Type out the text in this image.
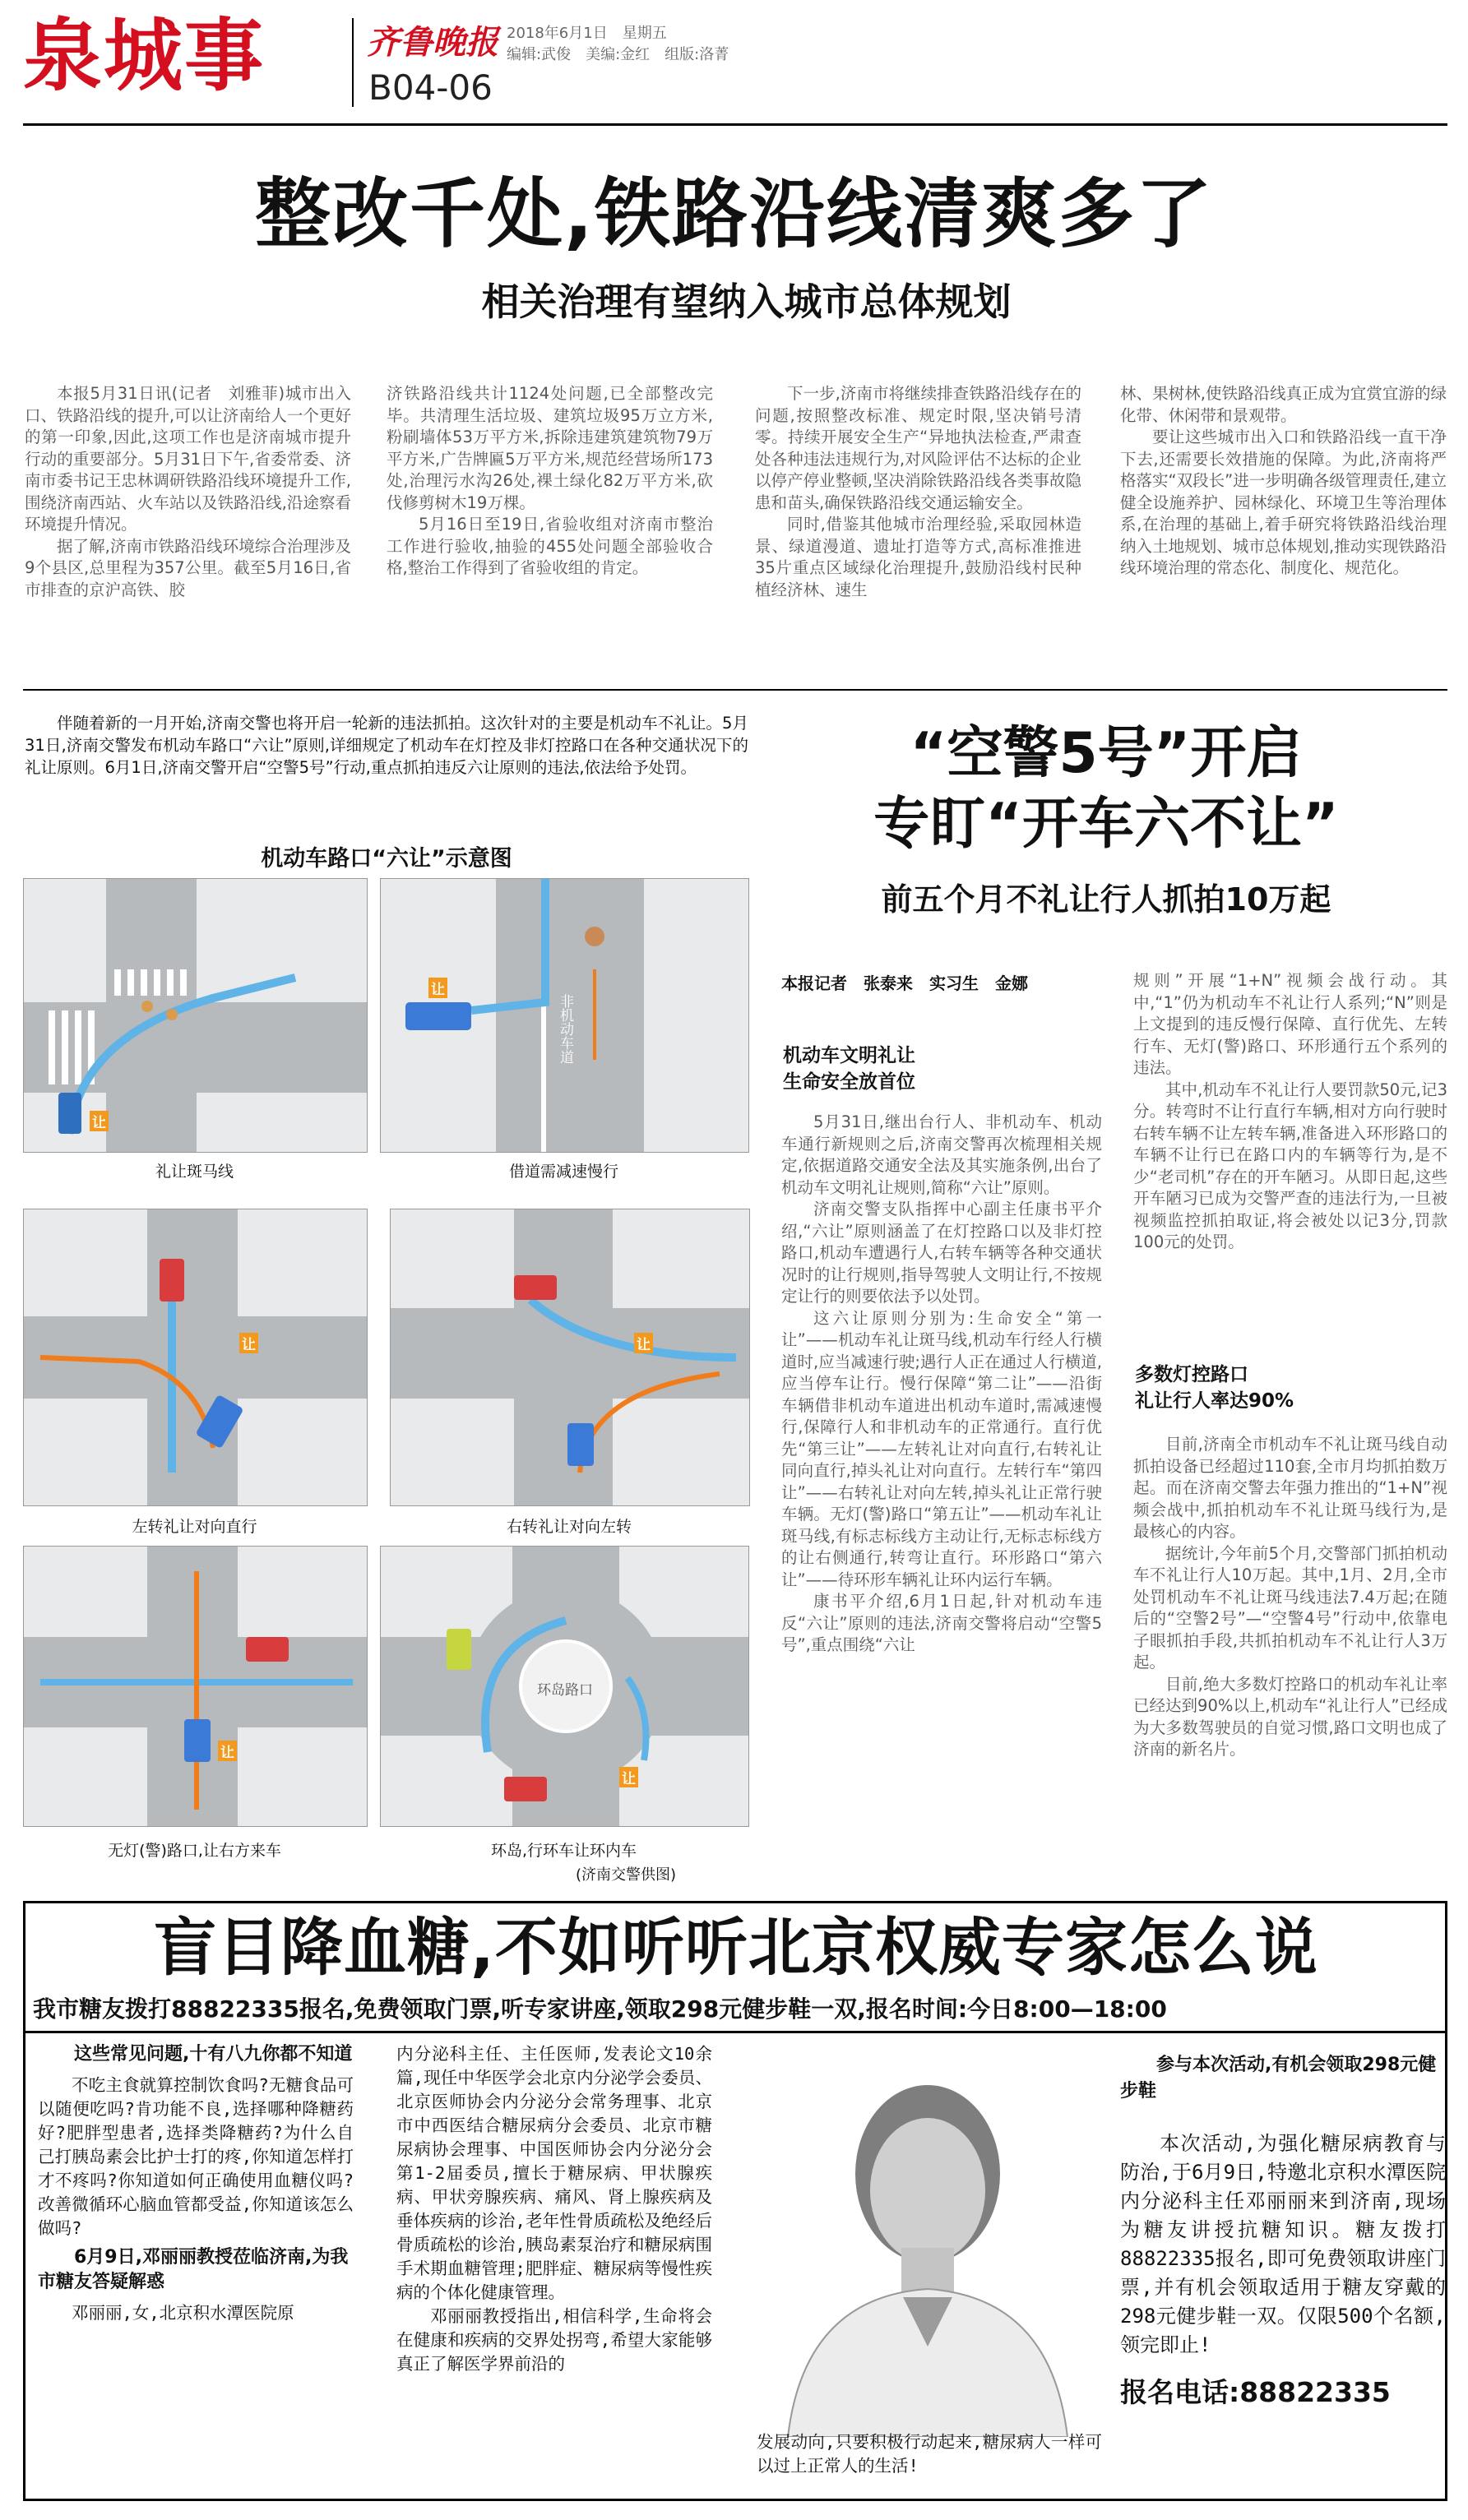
泉城事	齐鲁晚报 2018年6月1日　星期五
编辑:武俊　美编:金红　组版:洛菁
B04-06
整改千处,铁路沿线清爽多了
相关治理有望纳入城市总体规划

本报5月31日讯(记者　刘雅菲)城市出入口、铁路沿线的提升,可以让济南给人一个更好的第一印象,因此,这项工作也是济南城市提升行动的重要部分。5月31日下午,省委常委、济南市委书记王忠林调研铁路沿线环境提升工作,围绕济南西站、火车站以及铁路沿线,沿途察看环境提升情况。

据了解,济南市铁路沿线环境综合治理涉及9个县区,总里程为357公里。截至5月16日,省市排查的京沪高铁、胶

济铁路沿线共计1124处问题,已全部整改完毕。共清理生活垃圾、建筑垃圾95万立方米,粉刷墙体53万平方米,拆除违建筑建筑物79万平方米,广告牌匾5万平方米,规范经营场所173处,治理污水沟26处,裸土绿化82万平方米,砍伐修剪树木19万棵。

5月16日至19日,省验收组对济南市整治工作进行验收,抽验的455处问题全部验收合格,整治工作得到了省验收组的肯定。

下一步,济南市将继续排查铁路沿线存在的问题,按照整改标准、规定时限,坚决销号清零。持续开展安全生产“异地执法检查,严肃查处各种违法违规行为,对风险评估不达标的企业以停产停业整顿,坚决消除铁路沿线各类事故隐患和苗头,确保铁路沿线交通运输安全。

同时,借鉴其他城市治理经验,采取园林造景、绿道漫道、遗址打造等方式,高标准推进35片重点区域绿化治理提升,鼓励沿线村民种植经济林、速生

林、果树林,使铁路沿线真正成为宜赏宜游的绿化带、休闲带和景观带。

要让这些城市出入口和铁路沿线一直干净下去,还需要长效措施的保障。为此,济南将严格落实“双段长”进一步明确各级管理责任,建立健全设施养护、园林绿化、环境卫生等治理体系,在治理的基础上,着手研究将铁路沿线治理纳入土地规划、城市总体规划,推动实现铁路沿线环境治理的常态化、制度化、规范化。

伴随着新的一月开始,济南交警也将开启一轮新的违法抓拍。这次针对的主要是机动车不礼让。5月31日,济南交警发布机动车路口“六让”原则,详细规定了机动车在灯控及非灯控路口在各种交通状况下的礼让原则。6月1日,济南交警开启“空警5号”行动,重点抓拍违反六让原则的违法,依法给予处罚。
机动车路口“六让”示意图
让
礼让斑马线
让
非机动车道
借道需减速慢行
让
左转礼让对向直行
让
右转礼让对向左转
让
无灯(警)路口,让右方来车
环岛路口
让
环岛,行环车让环内车
(济南交警供图)
“空警5号”开启
专盯“开车六不让”
前五个月不礼让行人抓拍10万起
本报记者　张泰来　实习生　金娜
机动车文明礼让
生命安全放首位

5月31日,继出台行人、非机动车、机动车通行新规则之后,济南交警再次梳理相关规定,依据道路交通安全法及其实施条例,出台了机动车文明礼让规则,简称“六让”原则。

济南交警支队指挥中心副主任康书平介绍,“六让”原则涵盖了在灯控路口以及非灯控路口,机动车遭遇行人,右转车辆等各种交通状况时的让行规则,指导驾驶人文明让行,不按规定让行的则要依法予以处罚。

这六让原则分别为:生命安全“第一让”——机动车礼让斑马线,机动车行经人行横道时,应当减速行驶;遇行人正在通过人行横道,应当停车让行。慢行保障“第二让”——沿街车辆借非机动车道进出机动车道时,需减速慢行,保障行人和非机动车的正常通行。直行优先“第三让”——左转礼让对向直行,右转礼让同向直行,掉头礼让对向直行。左转行车“第四让”——右转礼让对向左转,掉头礼让正常行驶车辆。无灯(警)路口“第五让”——机动车礼让斑马线,有标志标线方主动让行,无标志标线方的让右侧通行,转弯让直行。环形路口“第六让”——待环形车辆礼让环内运行车辆。

康书平介绍,6月1日起,针对机动车违反“六让”原则的违法,济南交警将启动“空警5号”,重点围绕“六让

规则”开展“1+N”视频会战行动。其中,“1”仍为机动车不礼让行人系列;“N”则是上文提到的违反慢行保障、直行优先、左转行车、无灯(警)路口、环形通行五个系列的违法。

其中,机动车不礼让行人要罚款50元,记3分。转弯时不让行直行车辆,相对方向行驶时右转车辆不让左转车辆,准备进入环形路口的车辆不让行已在路口内的车辆等行为,是不少“老司机”存在的开车陋习。从即日起,这些开车陋习已成为交警严查的违法行为,一旦被视频监控抓拍取证,将会被处以记3分,罚款100元的处罚。

多数灯控路口
礼让行人率达90%

目前,济南全市机动车不礼让斑马线自动抓拍设备已经超过110套,全市月均抓拍数万起。而在济南交警去年强力推出的“1+N”视频会战中,抓拍机动车不礼让斑马线行为,是最核心的内容。

据统计,今年前5个月,交警部门抓拍机动车不礼让行人10万起。其中,1月、2月,全市处罚机动车不礼让斑马线违法7.4万起;在随后的“空警2号”—“空警4号”行动中,依靠电子眼抓拍手段,共抓拍机动车不礼让行人3万起。

目前,绝大多数灯控路口的机动车礼让率已经达到90%以上,机动车“礼让行人”已经成为大多数驾驶员的自觉习惯,路口文明也成了济南的新名片。

盲目降血糖,不如听听北京权威专家怎么说
我市糖友拨打88822335报名,免费领取门票,听专家讲座,领取298元健步鞋一双,报名时间:今日8:00—18:00
这些常见问题,十有八九你都不知道
不吃主食就算控制饮食吗?无糖食品可以随便吃吗?肯功能不良,选择哪种降糖药好?肥胖型患者,选择类降糖药?为什么自己打胰岛素会比护士打的疼,你知道怎样打才不疼吗?你知道如何正确使用血糖仪吗?改善微循环心脑血管都受益,你知道该怎么做吗?
6月9日,邓丽丽教授莅临济南,为我市糖友答疑解惑
邓丽丽,女,北京积水潭医院原
内分泌科主任、主任医师,发表论文10余篇,现任中华医学会北京内分泌学会委员、北京医师协会内分泌分会常务理事、北京市中西医结合糖尿病分会委员、北京市糖尿病协会理事、中国医师协会内分泌分会第1-2届委员,擅长于糖尿病、甲状腺疾病、甲状旁腺疾病、痛风、肾上腺疾病及垂体疾病的诊治,老年性骨质疏松及绝经后骨质疏松的诊治,胰岛素泵治疗和糖尿病围手术期血糖管理;肥胖症、糖尿病等慢性疾病的个体化健康管理。
邓丽丽教授指出,相信科学,生命将会在健康和疾病的交界处拐弯,希望大家能够真正了解医学界前沿的
发展动向,只要积极行动起来,糖尿病人一样可以过上正常人的生活!
参与本次活动,有机会领取298元健步鞋
本次活动,为强化糖尿病教育与防治,于6月9日,特邀北京积水潭医院内分泌科主任邓丽丽来到济南,现场为糖友讲授抗糖知识。糖友拨打88822335报名,即可免费领取讲座门票,并有机会领取适用于糖友穿戴的298元健步鞋一双。仅限500个名额,领完即止!
报名电话:88822335
